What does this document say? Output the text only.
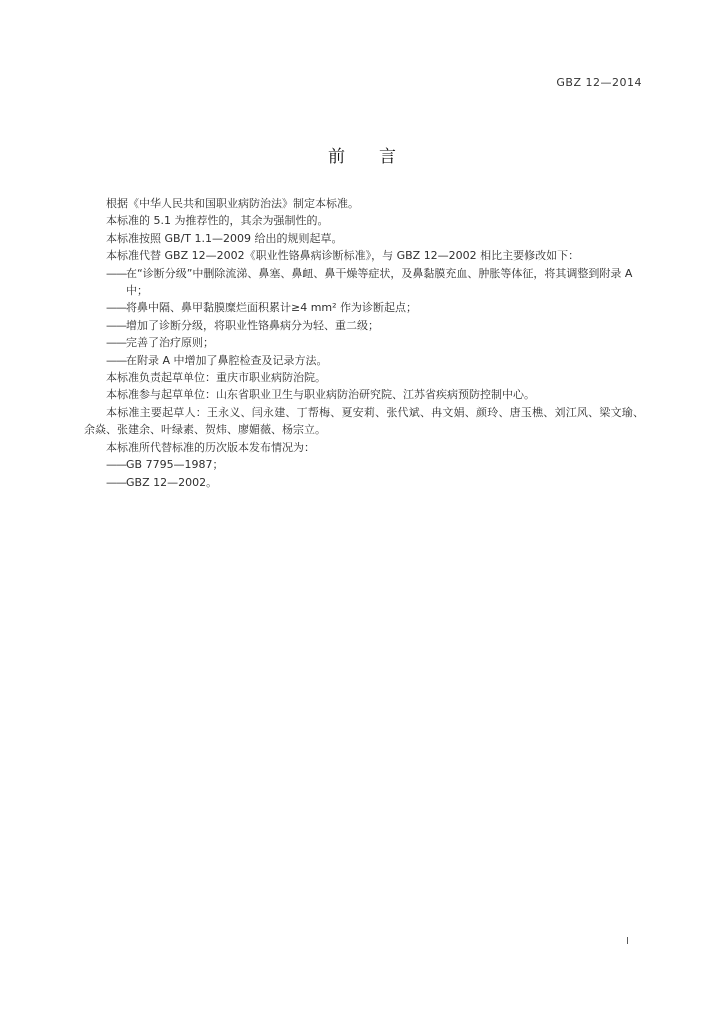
GBZ 12—2014
前言

根据《中华人民共和国职业病防治法》制定本标准。

本标准的 5.1 为推荐性的，其余为强制性的。

本标准按照 GB/T 1.1—2009 给出的规则起草。

本标准代替 GBZ 12—2002《职业性铬鼻病诊断标准》，与 GBZ 12—2002 相比主要修改如下：

——在“诊断分级”中删除流涕、鼻塞、鼻衄、鼻干燥等症状，及鼻黏膜充血、肿胀等体征，将其调整到附录 A 中；

——将鼻中隔、鼻甲黏膜糜烂面积累计≥4 mm² 作为诊断起点；

——增加了诊断分级，将职业性铬鼻病分为轻、重二级；

——完善了治疗原则；

——在附录 A 中增加了鼻腔检查及记录方法。

本标准负责起草单位：重庆市职业病防治院。

本标准参与起草单位：山东省职业卫生与职业病防治研究院、江苏省疾病预防控制中心。

本标准主要起草人：王永义、闫永建、丁帮梅、夏安莉、张代斌、冉文娟、颜玲、唐玉樵、刘江风、梁文瑜、余焱、张建余、叶绿素、贺炜、廖媚薇、杨宗立。

本标准所代替标准的历次版本发布情况为：

——GB 7795—1987；

——GBZ 12—2002。

I
